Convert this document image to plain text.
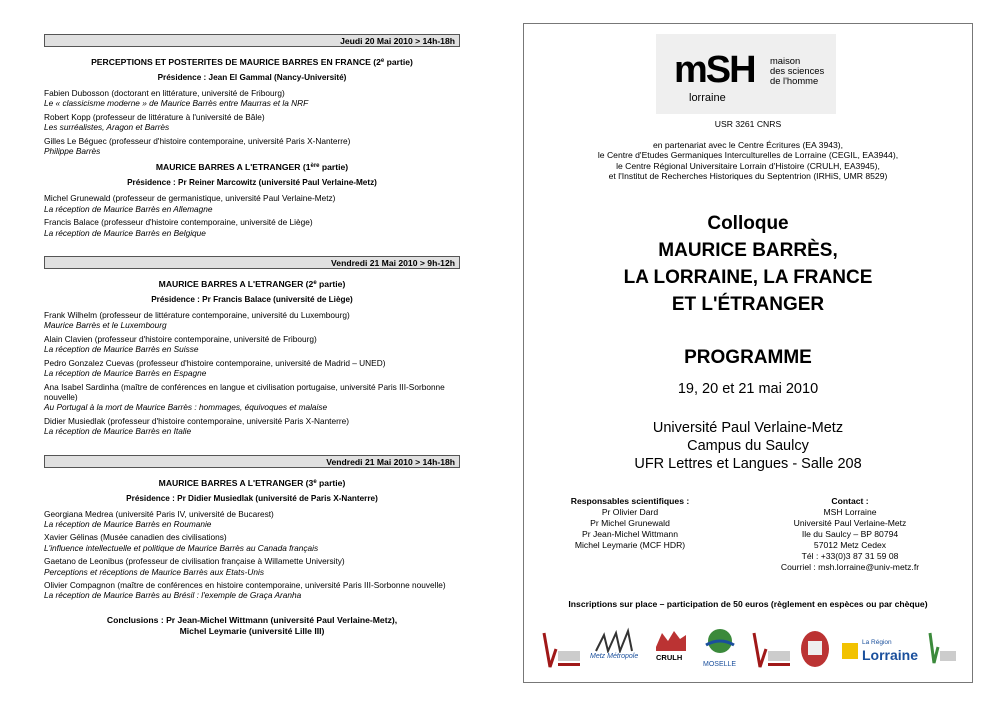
Jeudi 20 Mai 2010 > 14h-18h
PERCEPTIONS ET POSTERITES DE MAURICE BARRES EN FRANCE (2e partie)
Présidence : Jean El Gammal (Nancy-Université)
Fabien Dubosson (doctorant en littérature, université de Fribourg)
Le « classicisme moderne » de Maurice Barrès entre Maurras et la NRF
Robert Kopp (professeur de littérature à l'université de Bâle)
Les surréalistes, Aragon et Barrès
Gilles Le Béguec (professeur d'histoire contemporaine, université Paris X-Nanterre)
Philippe Barrès
MAURICE BARRES A L'ETRANGER (1ère partie)
Présidence : Pr Reiner Marcowitz (université Paul Verlaine-Metz)
Michel Grunewald (professeur de germanistique, université Paul Verlaine-Metz)
La réception de Maurice Barrès en Allemagne
Francis Balace (professeur d'histoire contemporaine, université de Liège)
La réception de Maurice Barrès en Belgique
Vendredi 21 Mai 2010 > 9h-12h
MAURICE BARRES A L'ETRANGER (2e partie)
Présidence : Pr Francis Balace (université de Liège)
Frank Wilhelm (professeur de littérature contemporaine, université du Luxembourg)
Maurice Barrès et le Luxembourg
Alain Clavien (professeur d'histoire contemporaine, université de Fribourg)
La réception de Maurice Barrès en Suisse
Pedro Gonzalez Cuevas (professeur d'histoire contemporaine, université de Madrid – UNED)
La réception de Maurice Barrès en Espagne
Ana Isabel Sardinha (maître de conférences en langue et civilisation portugaise, université Paris III-Sorbonne nouvelle)
Au Portugal à la mort de Maurice Barrès : hommages, équivoques et malaise
Didier Musiedlak (professeur d'histoire contemporaine, université Paris X-Nanterre)
La réception de Maurice Barrès en Italie
Vendredi 21 Mai 2010 > 14h-18h
MAURICE BARRES A L'ETRANGER (3e partie)
Présidence : Pr Didier Musiedlak (université de Paris X-Nanterre)
Georgiana Medrea (université Paris IV, université de Bucarest)
La réception de Maurice Barrès en Roumanie
Xavier Gélinas (Musée canadien des civilisations)
L'influence intellectuelle et politique de Maurice Barrès au Canada français
Gaetano de Leonibus (professeur de civilisation française à Willamette University)
Perceptions et réceptions de Maurice Barrès aux Etats-Unis
Olivier Compagnon (maître de conférences en histoire contemporaine, université Paris III-Sorbonne nouvelle)
La réception de Maurice Barrès au Brésil : l'exemple de Graça Aranha
Conclusions : Pr Jean-Michel Wittmann (université Paul Verlaine-Metz),
Michel Leymarie (université Lille III)
mSH
lorraine
maison
des sciences
de l'homme
USR 3261 CNRS
en partenariat avec le Centre Écritures (EA 3943),
le Centre d'Etudes Germaniques Interculturelles de Lorraine (CEGIL, EA3944),
le Centre Régional Universitaire Lorrain d'Histoire (CRULH, EA3945),
et l'Institut de Recherches Historiques du Septentrion (IRHiS, UMR 8529)
Colloque
MAURICE BARRÈS,
LA LORRAINE, LA FRANCE
ET L'ÉTRANGER
PROGRAMME
19, 20 et 21 mai 2010
Université Paul Verlaine-Metz
Campus du Saulcy
UFR Lettres et Langues - Salle 208
Responsables scientifiques :
Pr Olivier Dard
Pr Michel Grunewald
Pr Jean-Michel Wittmann
Michel Leymarie (MCF HDR)
Contact :
MSH Lorraine
Université Paul Verlaine-Metz
Ile du Saulcy – BP 80794
57012 Metz Cedex
Tél : +33(0)3 87 31 59 08
Courriel : msh.lorraine@univ-metz.fr
Inscriptions sur place – participation de 50 euros (règlement en espèces ou par chèque)
Metz Métropole CRULH
MOSELLE
La Région
Lorraine
